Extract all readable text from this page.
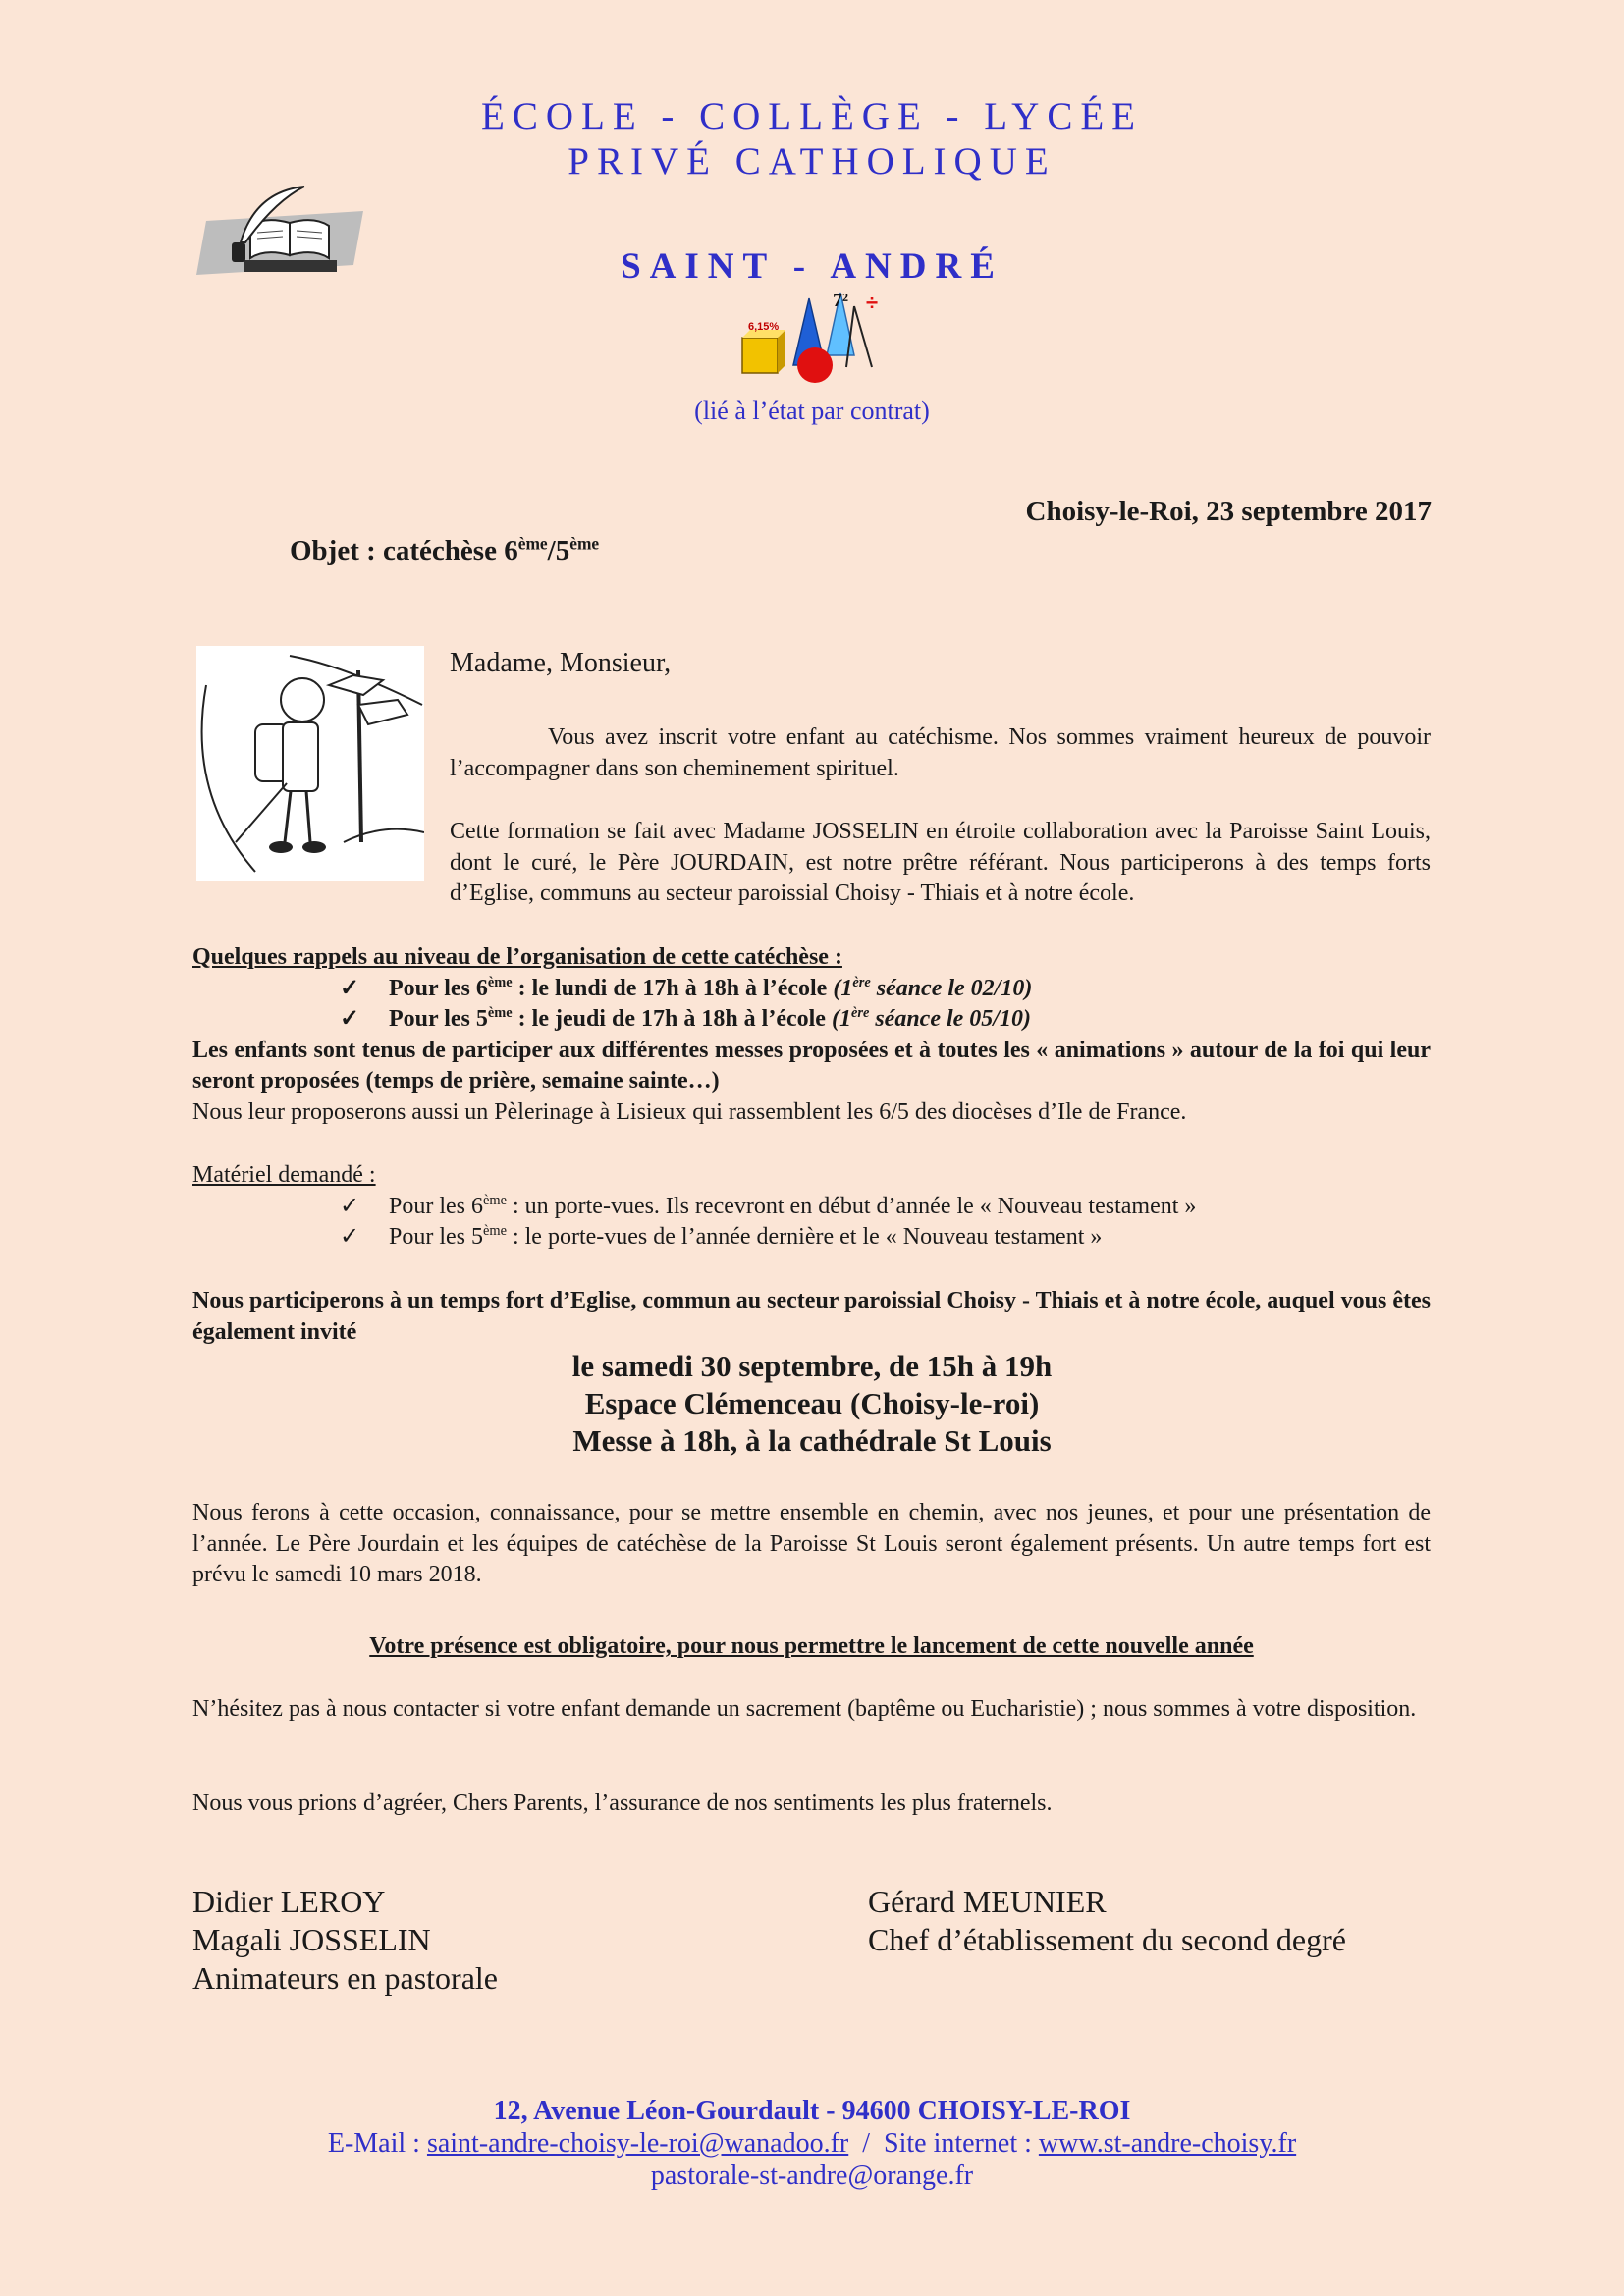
ÉCOLE - COLLÈGE - LYCÉE
PRIVÉ CATHOLIQUE
SAINT - ANDRÉ
6,15%
7² ÷
(lié à l’état par contrat)
Choisy-le-Roi, 23 septembre 2017
Objet : catéchèse 6ème/5ème
Madame, Monsieur,
Vous avez inscrit votre enfant au catéchisme. Nos sommes vraiment heureux de pouvoir l’accompagner dans son cheminement spirituel.
Cette formation se fait avec Madame JOSSELIN en étroite collaboration avec la Paroisse Saint Louis, dont le curé, le Père JOURDAIN, est notre prêtre référant. Nous participerons à des temps forts d’Eglise, communs au secteur paroissial Choisy - Thiais et à notre école.
Quelques rappels au niveau de l’organisation de cette catéchèse :
✓ Pour les 6ème : le lundi de 17h à 18h à l’école (1ère séance le 02/10)
✓ Pour les 5ème : le jeudi de 17h à 18h à l’école (1ère séance le 05/10)
Les enfants sont tenus de participer aux différentes messes proposées et à toutes les « animations » autour de la foi qui leur seront proposées (temps de prière, semaine sainte…)
Nous leur proposerons aussi un Pèlerinage à Lisieux qui rassemblent les 6/5 des diocèses d’Ile de France.
Matériel demandé :
✓ Pour les 6ème : un porte-vues. Ils recevront en début d’année le « Nouveau testament »
✓ Pour les 5ème : le porte-vues de l’année dernière et le « Nouveau testament »
Nous participerons à un temps fort d’Eglise, commun au secteur paroissial Choisy - Thiais et à notre école, auquel vous êtes également invité
le samedi 30 septembre, de 15h à 19h
Espace Clémenceau (Choisy-le-roi)
Messe à 18h, à la cathédrale St Louis
Nous ferons à cette occasion, connaissance, pour se mettre ensemble en chemin, avec nos jeunes, et pour une présentation de l’année. Le Père Jourdain et les équipes de catéchèse de la Paroisse St Louis seront également présents. Un autre temps fort est prévu le samedi 10 mars 2018.
Votre présence est obligatoire, pour nous permettre le lancement de cette nouvelle année
N’hésitez pas à nous contacter si votre enfant demande un sacrement (baptême ou Eucharistie) ; nous sommes à votre disposition.
Nous vous prions d’agréer, Chers Parents, l’assurance de nos sentiments les plus fraternels.
Didier LEROY
Magali JOSSELIN
Animateurs en pastorale
Gérard MEUNIER
Chef d’établissement du second degré
12, Avenue Léon-Gourdault - 94600 CHOISY-LE-ROI
E-Mail : saint-andre-choisy-le-roi@wanadoo.fr  /  Site internet : www.st-andre-choisy.fr
pastorale-st-andre@orange.fr
